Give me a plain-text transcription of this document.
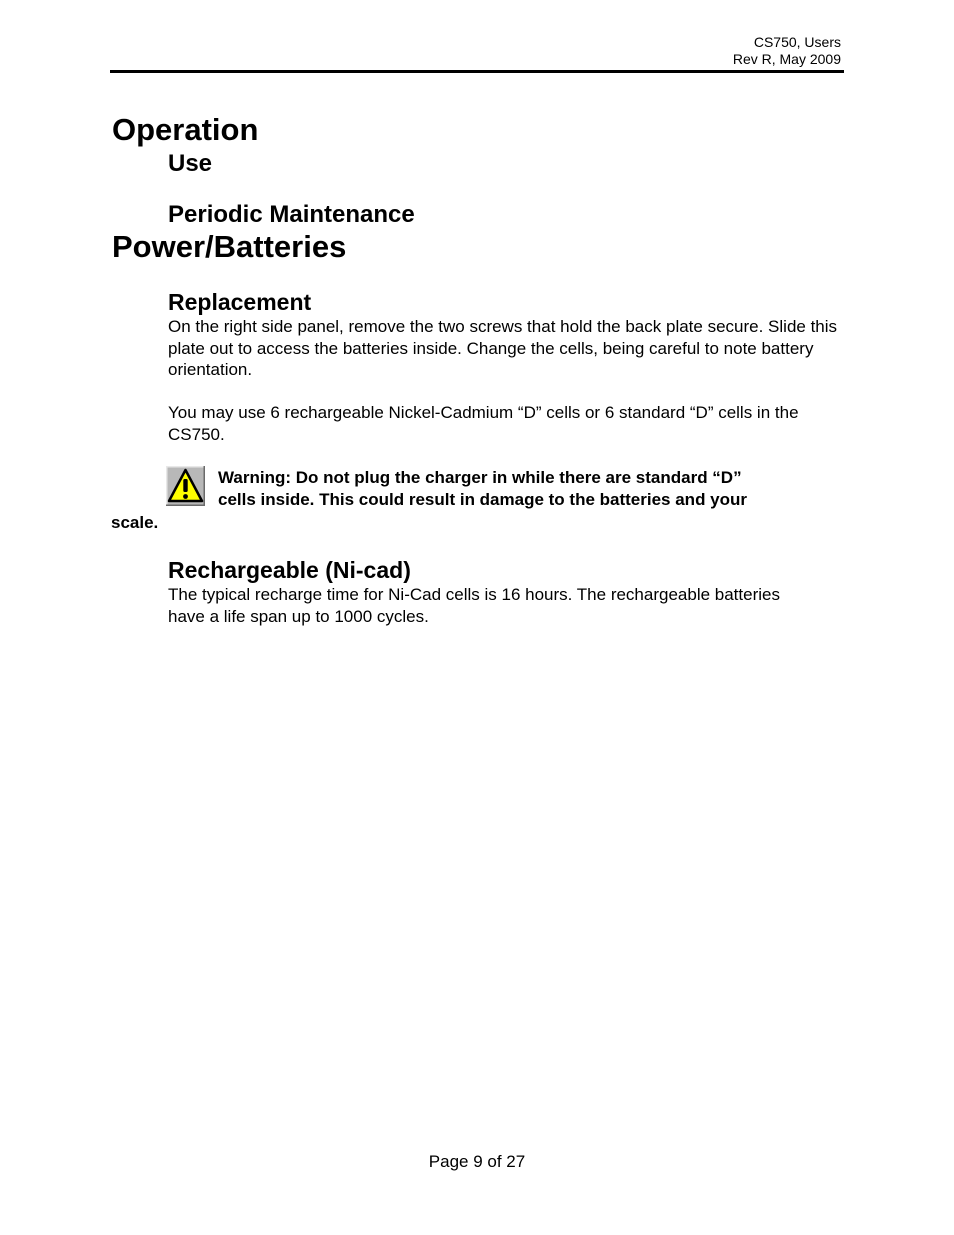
CS750, Users
Rev R, May 2009
Operation
Use
Periodic Maintenance
Power/Batteries
Replacement
On the right side panel, remove the two screws that hold the back plate secure. Slide this plate out to access the batteries inside. Change the cells, being careful to note battery orientation.
You may use 6 rechargeable Nickel-Cadmium “D” cells or 6 standard “D” cells in the CS750.
Warning: Do not plug the charger in while there are standard “D”
cells inside. This could result in damage to the batteries and your
scale.
Rechargeable (Ni-cad)
The typical recharge time for Ni-Cad cells is 16 hours. The rechargeable batteries have a life span up to 1000 cycles.
Page 9 of 27
